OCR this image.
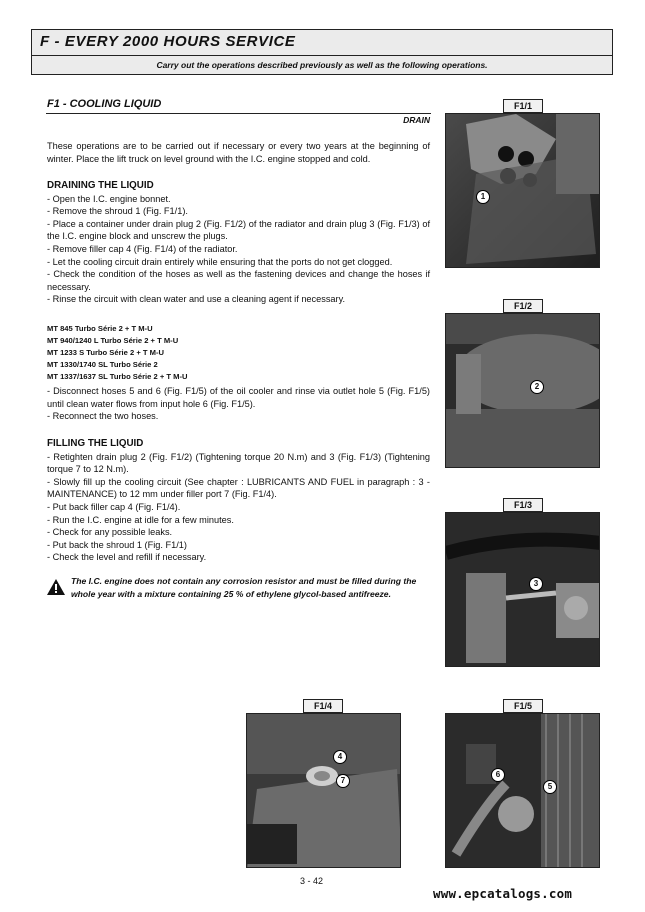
F - EVERY 2000 HOURS SERVICE
Carry out the operations described previously as well as the following operations.
F1 - COOLING LIQUID
DRAIN

These operations are to be carried out if necessary or every two years at the beginning of winter. Place the lift truck on level ground with the I.C. engine stopped and cold.

DRAINING THE LIQUID

- Open the I.C. engine bonnet.

- Remove the shroud 1 (Fig. F1/1).

- Place a container under drain plug 2 (Fig. F1/2) of the radiator and drain plug 3 (Fig. F1/3) of the I.C. engine block and unscrew the plugs.

- Remove filler cap 4 (Fig. F1/4) of the radiator.

- Let the cooling circuit drain entirely while ensuring that the ports do not get clogged.

- Check the condition of the hoses as well as the fastening devices and change the hoses if necessary.

- Rinse the circuit with clean water and use a cleaning agent if necessary.

MT 845 Turbo Série 2 + T M-U
MT 940/1240 L Turbo Série 2 + T M-U
MT 1233 S Turbo Série 2 + T M-U
MT 1330/1740 SL Turbo Série 2
MT 1337/1637 SL Turbo Série 2 + T M-U

- Disconnect hoses 5 and 6 (Fig. F1/5) of the oil cooler and rinse via outlet hole 5 (Fig. F1/5) until clean water flows from input hole 6 (Fig. F1/5).

- Reconnect the two hoses.

FILLING THE LIQUID

- Retighten drain plug 2 (Fig. F1/2) (Tightening torque 20 N.m) and 3 (Fig. F1/3) (Tightening torque 7 to 12 N.m).

- Slowly fill up the cooling circuit (See chapter : LUBRICANTS AND FUEL in paragraph : 3 - MAINTENANCE) to 12 mm under filler port 7 (Fig. F1/4).

- Put back filler cap 4 (Fig. F1/4).

- Run the I.C. engine at idle for a few minutes.

- Check for any possible leaks.

- Put back the shroud 1 (Fig. F1/1)

- Check the level and refill if necessary.

The I.C. engine does not contain any corrosion resistor and must be filled during the whole year with a mixture containing 25 % of ethylene glycol-based antifreeze.
F1/1
1
F1/2
2
F1/3
3
F1/4
4
7
F1/5
6
5
3 - 42
www.epcatalogs.com
